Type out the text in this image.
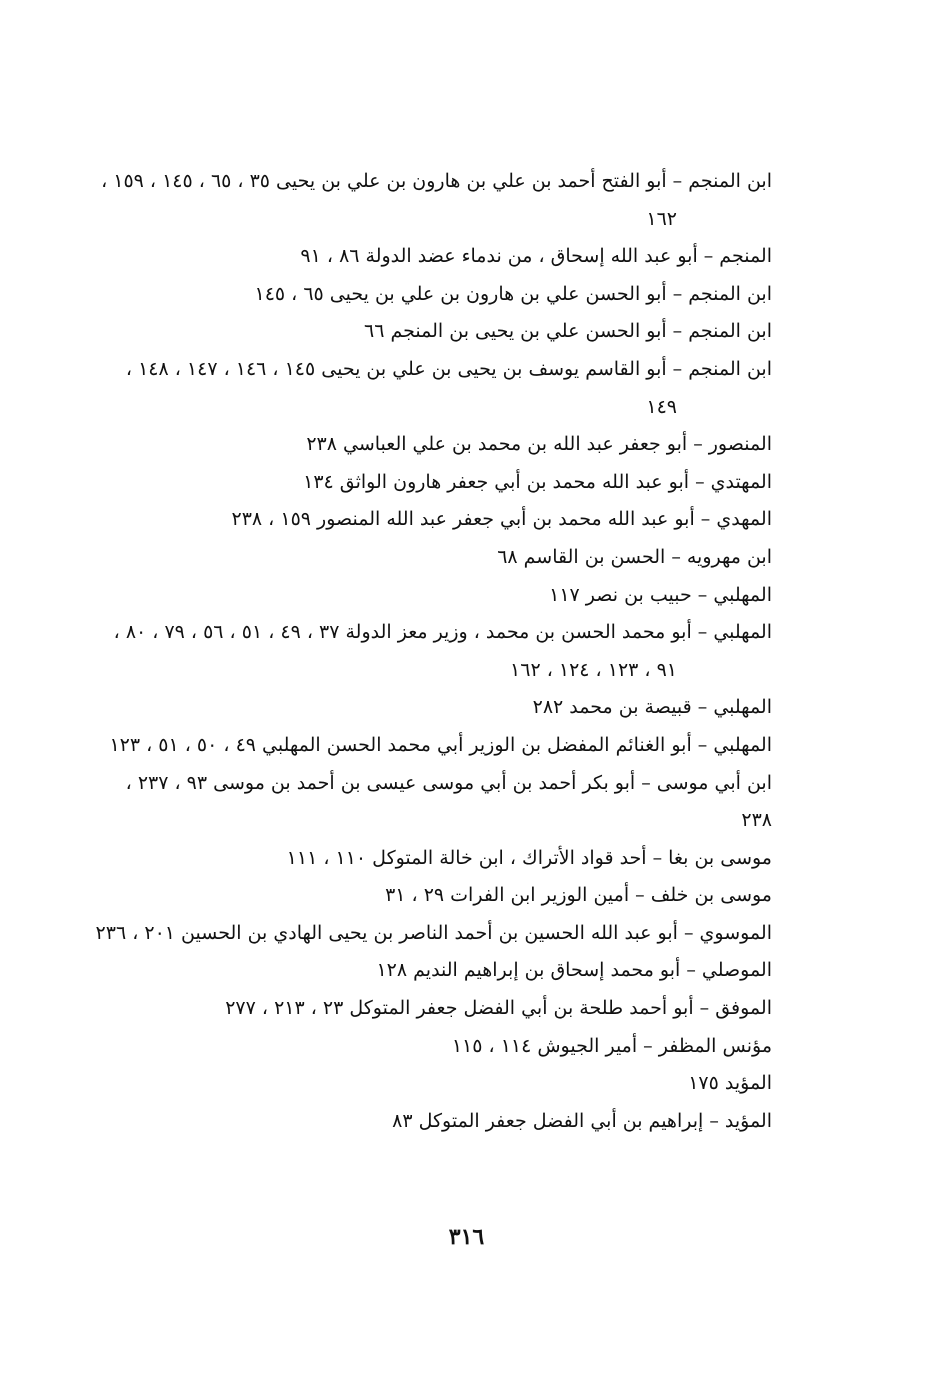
ابن المنجم – أبو الفتح أحمد بن علي بن هارون بن علي بن يحيى ٣٥ ، ٦٥ ، ١٤٥ ، ١٥٩ ،
١٦٢

المنجم – أبو عبد الله إسحاق ، من ندماء عضد الدولة ٨٦ ، ٩١

ابن المنجم – أبو الحسن علي بن هارون بن علي بن يحيى ٦٥ ، ١٤٥

ابن المنجم – أبو الحسن علي بن يحيى بن المنجم ٦٦

ابن المنجم – أبو القاسم يوسف بن يحيى بن علي بن يحيى ١٤٥ ، ١٤٦ ، ١٤٧ ، ١٤٨ ،
١٤٩

المنصور – أبو جعفر عبد الله بن محمد بن علي العباسي ٢٣٨

المهتدي – أبو عبد الله محمد بن أبي جعفر هارون الواثق ١٣٤

المهدي – أبو عبد الله محمد بن أبي جعفر عبد الله المنصور ١٥٩ ، ٢٣٨

ابن مهرويه – الحسن بن القاسم ٦٨

المهلبي – حبيب بن نصر ١١٧

المهلبي – أبو محمد الحسن بن محمد ، وزير معز الدولة ٣٧ ، ٤٩ ، ٥١ ، ٥٦ ، ٧٩ ، ٨٠ ،
٩١ ، ١٢٣ ، ١٢٤ ، ١٦٢

المهلبي – قبيصة بن محمد ٢٨٢

المهلبي – أبو الغنائم المفضل بن الوزير أبي محمد الحسن المهلبي ٤٩ ، ٥٠ ، ٥١ ، ١٢٣

ابن أبي موسى – أبو بكر أحمد بن أبي موسى عيسى بن أحمد بن موسى ٩٣ ، ٢٣٧ ، ٢٣٨

موسى بن بغا – أحد قواد الأتراك ، ابن خالة المتوكل ١١٠ ، ١١١

موسى بن خلف – أمين الوزير ابن الفرات ٢٩ ، ٣١

الموسوي – أبو عبد الله الحسين بن أحمد الناصر بن يحيى الهادي بن الحسين ٢٠١ ، ٢٣٦

الموصلي – أبو محمد إسحاق بن إبراهيم النديم ١٢٨

الموفق – أبو أحمد طلحة بن أبي الفضل جعفر المتوكل ٢٣ ، ٢١٣ ، ٢٧٧

مؤنس المظفر – أمير الجيوش ١١٤ ، ١١٥

المؤيد ١٧٥

المؤيد – إبراهيم بن أبي الفضل جعفر المتوكل ٨٣

٣١٦
